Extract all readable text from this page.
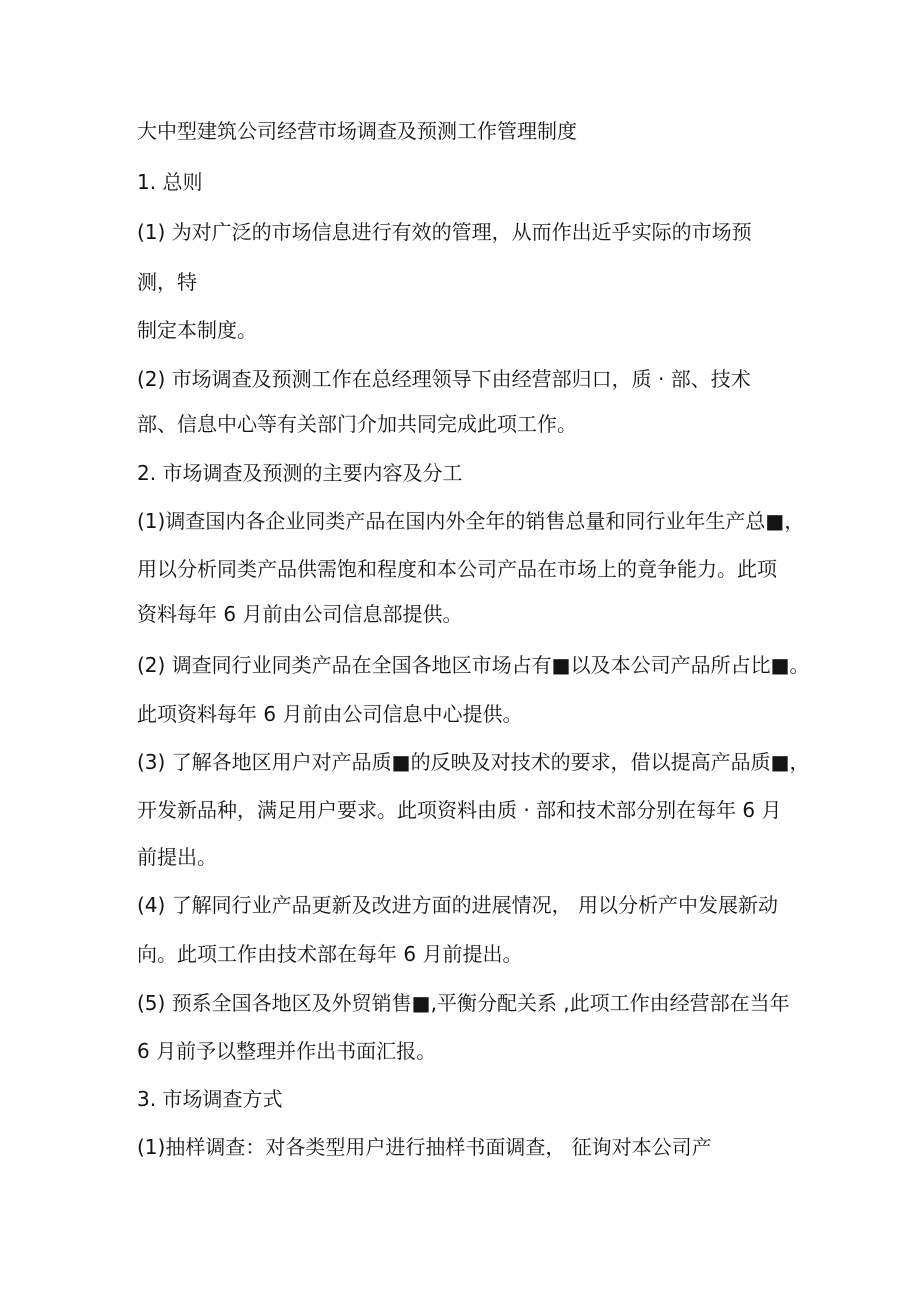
大中型建筑公司经营市场调查及预测工作管理制度
1. 总则
(1) 为对广泛的市场信息进行有效的管理，从而作出近乎实际的市场预
测，特
制定本制度。
(2) 市场调查及预测工作在总经理领导下由经营部归口，质 · 部、技术
部、信息中心等有关部门介加共同完成此项工作。
2. 市场调查及预测的主要内容及分工
(1)调查国内各企业同类产品在国内外全年的销售总量和同行业年生产总■，
用以分析同类产品供需饱和程度和本公司产品在市场上的竟争能力。此项
资料每年 6 月前由公司信息部提供。
(2) 调查同行业同类产品在全国各地区市场占有■以及本公司产品所占比■。
此项资料每年 6 月前由公司信息中心提供。
(3) 了解各地区用户对产品质■的反映及对技术的要求，借以提高产品质■，
开发新品种，满足用户要求。此项资料由质 · 部和技术部分别在每年 6 月
前提出。
(4) 了解同行业产品更新及改进方面的进展情况， 用以分析产中发展新动
向。此项工作由技术部在每年 6 月前提出。
(5) 预系全国各地区及外贸销售■,平衡分配关系 ,此项工作由经营部在当年
6 月前予以整理并作出书面汇报。
3. 市场调查方式
(1)抽样调查：对各类型用户进行抽样书面调查， 征询对本公司产
